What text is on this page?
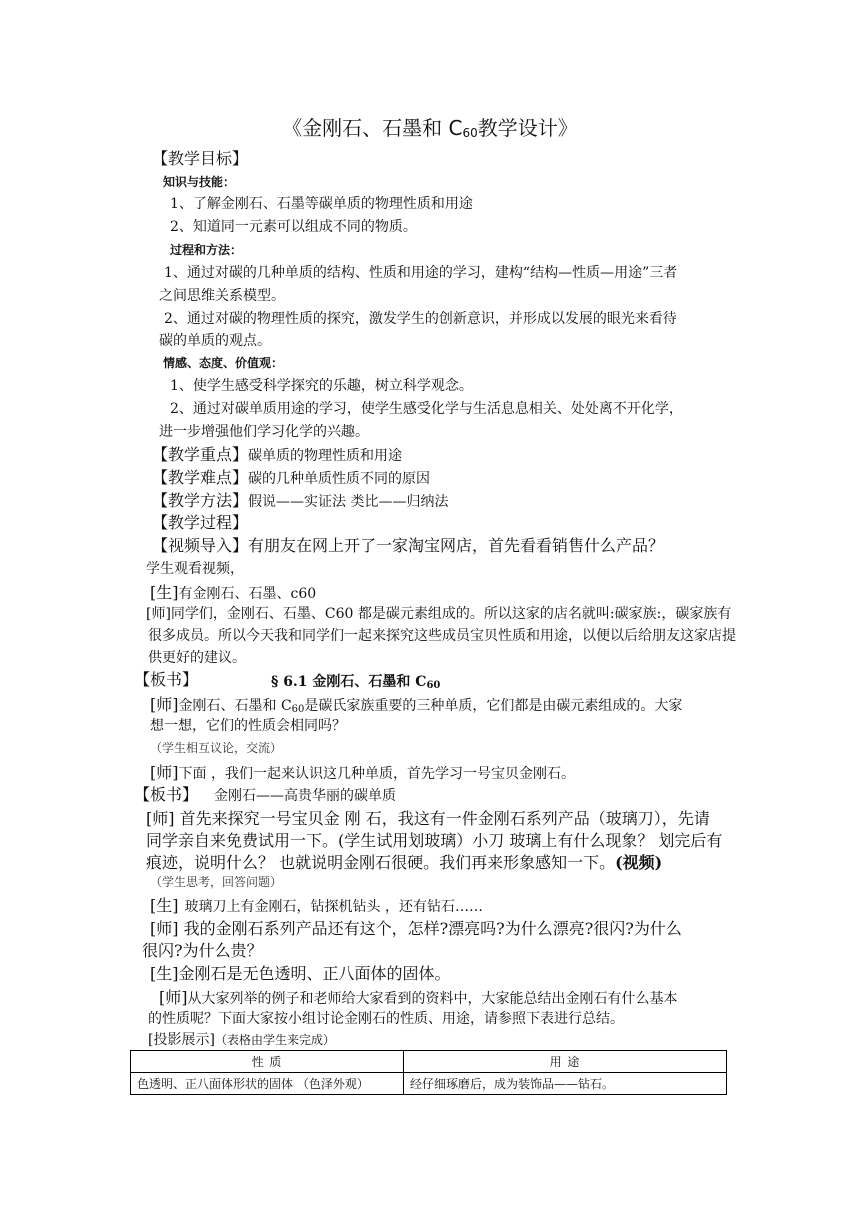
《金刚石、石墨和 $C_{60}$教学设计》
【教学目标】
知识与技能：
1、了解金刚石、石墨等碳单质的物理性质和用途
2、知道同一元素可以组成不同的物质。
过程和方法：
1、通过对碳的几种单质的结构、性质和用途的学习，建构“结构—性质—用途”三者
之间思维关系模型。
2、通过对碳的物理性质的探究，激发学生的创新意识，并形成以发展的眼光来看待
碳的单质的观点。
情感、态度、价值观：
1、使学生感受科学探究的乐趣，树立科学观念。
2、通过对碳单质用途的学习，使学生感受化学与生活息息相关、处处离不开化学，
进一步增强他们学习化学的兴趣。
【教学重点】碳单质的物理性质和用途
【教学难点】碳的几种单质性质不同的原因
【教学方法】假说——实证法 类比——归纳法
【教学过程】
【视频导入】有朋友在网上开了一家淘宝网店，首先看看销售什么产品？
学生观看视频，
[生]有金刚石、石墨、c60
[师]同学们，金刚石、石墨、C60 都是碳元素组成的。所以这家的店名就叫:碳家族:，碳家族有
很多成员。所以今天我和同学们一起来探究这些成员宝贝性质和用途，以便以后给朋友这家店提
供更好的建议。
【板书】	§ 6.1 金刚石、石墨和 $C_{60}$
[师]金刚石、石墨和 $C_{60}$是碳氏家族重要的三种单质，它们都是由碳元素组成的。大家
想一想，它们的性质会相同吗？
（学生相互议论，交流）
[师]下面 ，我们一起来认识这几种单质，首先学习一号宝贝金刚石。
【板书】 金刚石——高贵华丽的碳单质
[师] 首先来探究一号宝贝金 刚 石，我这有一件金刚石系列产品（玻璃刀），先请
同学亲自来免费试用一下。(学生试用划玻璃）小刀 玻璃上有什么现象？ 划完后有
痕迹，说明什么？ 也就说明金刚石很硬。我们再来形象感知一下。(视频)
（学生思考，回答问题）
[生] 玻璃刀上有金刚石，钻探机钻头 ，还有钻石……
[师] 我的金刚石系列产品还有这个，怎样?漂亮吗?为什么漂亮?很闪?为什么
很闪?为什么贵？
[生]金刚石是无色透明、正八面体的固体。
[师]从大家列举的例子和老师给大家看到的资料中，大家能总结出金刚石有什么基本
的性质呢？下面大家按小组讨论金刚石的性质、用途，请参照下表进行总结。
[投影展示]（表格由学生来完成）
性 质	用 途
色透明、正八面体形状的固体 （色泽外观）	经仔细琢磨后，成为装饰品——钻石。
